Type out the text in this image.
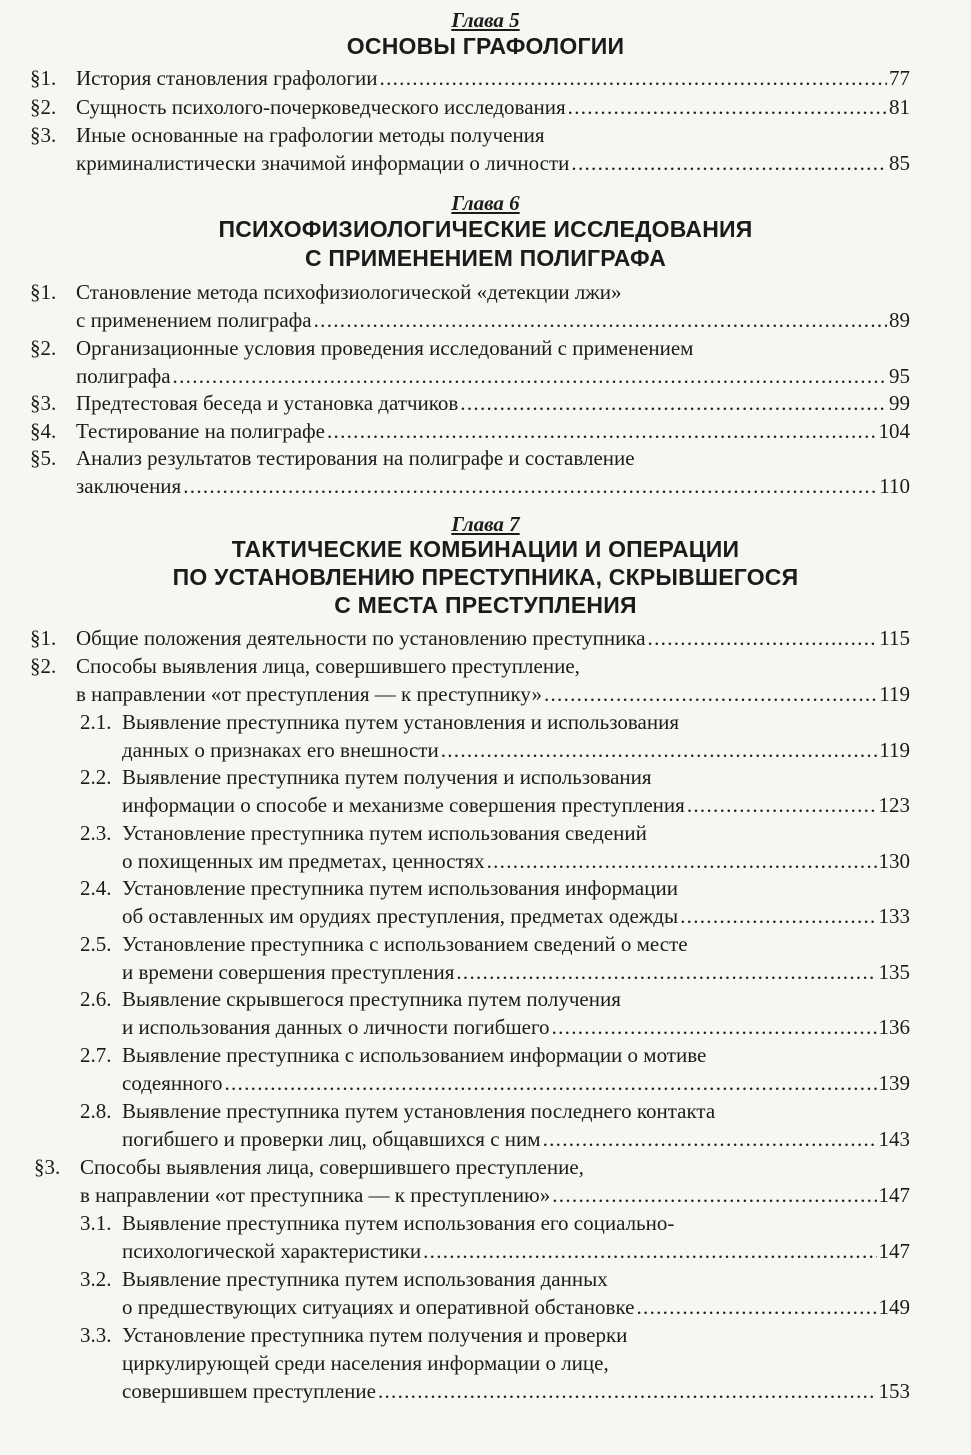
Глава 5
ОСНОВЫ ГРАФОЛОГИИ
§1. История становления графологии .....	77
§2. Сущность психолого-почерковедческого исследования .....	81
§3. Иные основанные на графологии методы получения
криминалистически значимой информации о личности .....	85
Глава 6
ПСИХОФИЗИОЛОГИЧЕСКИЕ ИССЛЕДОВАНИЯ
С ПРИМЕНЕНИЕМ ПОЛИГРАФА
§1. Становление метода психофизиологической «детекции лжи»
с применением полиграфа .....	89
§2. Организационные условия проведения исследований с применением
полиграфа .....	95
§3. Предтестовая беседа и установка датчиков .....	99
§4. Тестирование на полиграфе .....	104
§5. Анализ результатов тестирования на полиграфе и составление
заключения .....	110
Глава 7
ТАКТИЧЕСКИЕ КОМБИНАЦИИ И ОПЕРАЦИИ
ПО УСТАНОВЛЕНИЮ ПРЕСТУПНИКА, СКРЫВШЕГОСЯ
С МЕСТА ПРЕСТУПЛЕНИЯ
§1. Общие положения деятельности по установлению преступника .....	115
§2. Способы выявления лица, совершившего преступление,
в направлении «от преступления — к преступнику» .....	119
2.1. Выявление преступника путем установления и использования
данных о признаках его внешности .....	119
2.2. Выявление преступника путем получения и использования
информации о способе и механизме совершения преступления .....	123
2.3. Установление преступника путем использования сведений
о похищенных им предметах, ценностях .....	130
2.4. Установление преступника путем использования информации
об оставленных им орудиях преступления, предметах одежды .....	133
2.5. Установление преступника с использованием сведений о месте
и времени совершения преступления .....	135
2.6. Выявление скрывшегося преступника путем получения
и использования данных о личности погибшего .....	136
2.7. Выявление преступника с использованием информации о мотиве
содеянного .....	139
2.8. Выявление преступника путем установления последнего контакта
погибшего и проверки лиц, общавшихся с ним .....	143
§3. Способы выявления лица, совершившего преступление,
в направлении «от преступника — к преступлению» .....	147
3.1. Выявление преступника путем использования его социально-
психологической характеристики .....	147
3.2. Выявление преступника путем использования данных
о предшествующих ситуациях и оперативной обстановке .....	149
3.3. Установление преступника путем получения и проверки
циркулирующей среди населения информации о лице,
совершившем преступление .....	153
